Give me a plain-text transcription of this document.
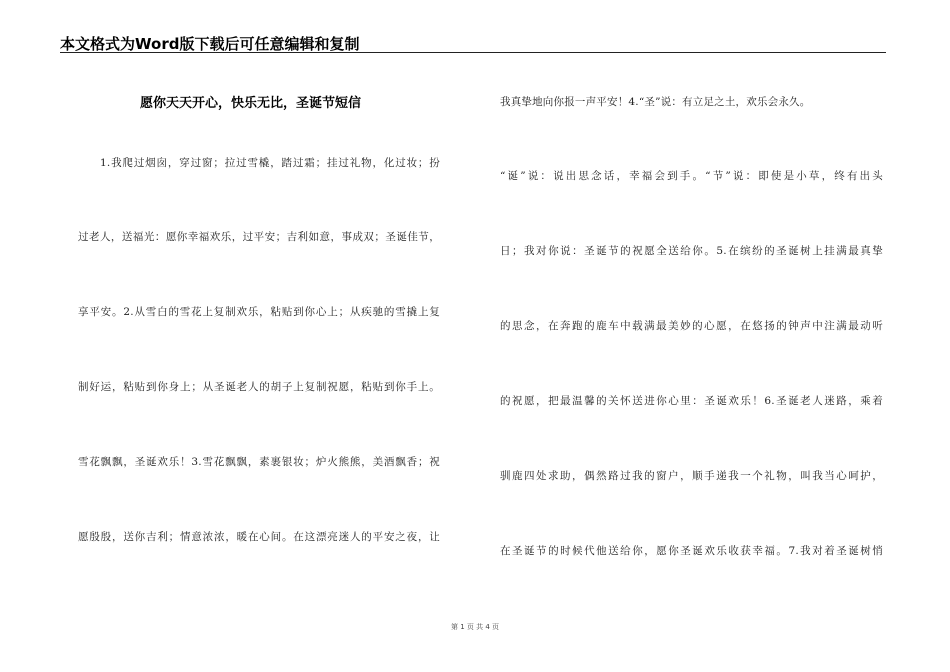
本文格式为Word版下载后可任意编辑和复制
愿你天天开心，快乐无比，圣诞节短信
1.我爬过烟囱，穿过窗；拉过雪橇，踏过霜；挂过礼物，化过妆；扮
过老人，送福光：愿你幸福欢乐，过平安；吉利如意，事成双；圣诞佳节，
享平安。2.从雪白的雪花上复制欢乐，粘贴到你心上；从疾驰的雪撬上复
制好运，粘贴到你身上；从圣诞老人的胡子上复制祝愿，粘贴到你手上。
雪花飘飘，圣诞欢乐！3.雪花飘飘，素裹银妆；炉火熊熊，美酒飘香；祝
愿殷殷，送你吉利；情意浓浓，暖在心间。在这漂亮迷人的平安之夜，让
我真挚地向你报一声平安！4.“圣”说：有立足之土，欢乐会永久。
“诞”说：说出思念话，幸福会到手。“节”说：即使是小草，终有出头
日；我对你说：圣诞节的祝愿全送给你。5.在缤纷的圣诞树上挂满最真挚
的思念，在奔跑的鹿车中载满最美妙的心愿，在悠扬的钟声中注满最动听
的祝愿，把最温馨的关怀送进你心里：圣诞欢乐！6.圣诞老人迷路，乘着
驯鹿四处求助，偶然路过我的窗户，顺手递我一个礼物，叫我当心呵护，
在圣诞节的时候代他送给你，愿你圣诞欢乐收获幸福。7.我对着圣诞树悄
第 1 页 共 4 页
